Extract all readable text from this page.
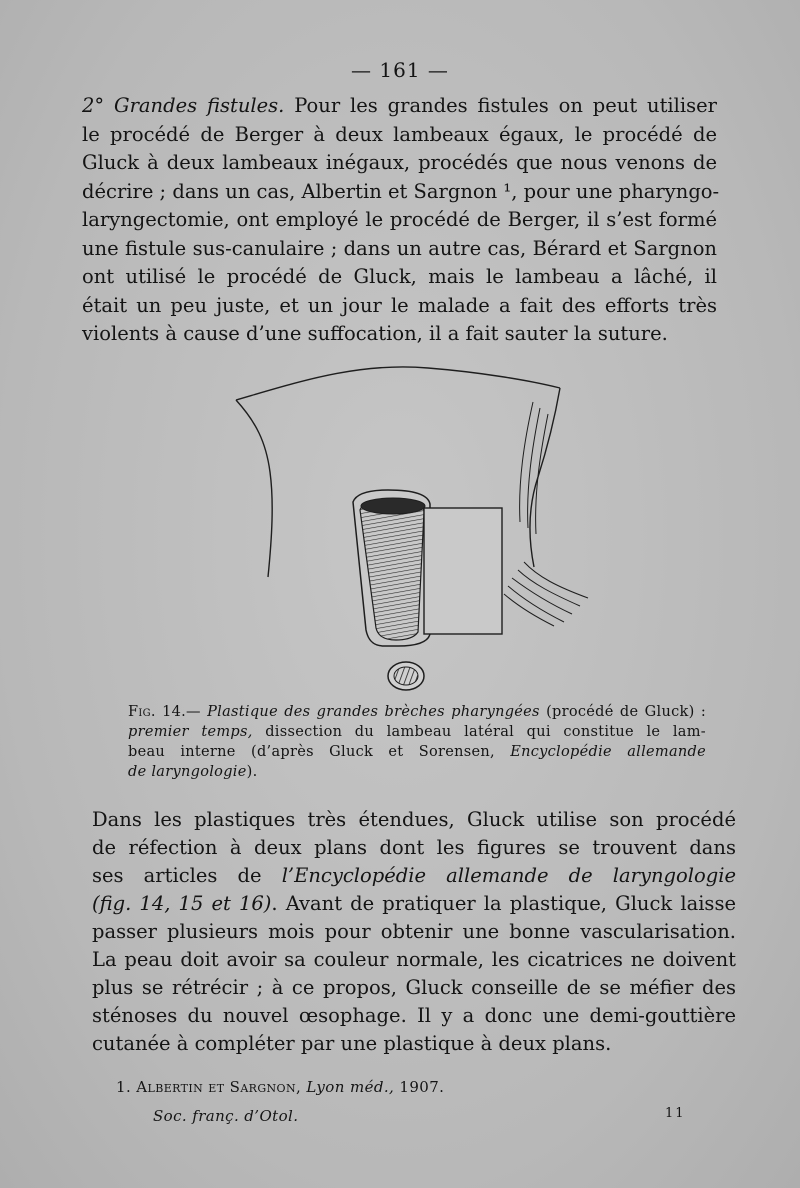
— 161 —
2° Grandes fistules. Pour les grandes fistules on peut utiliser
le procédé de Berger à deux lambeaux égaux, le procédé de
Gluck à deux lambeaux inégaux, procédés que nous venons de
décrire ; dans un cas, Albertin et Sargnon ¹, pour une pharyngo-
laryngectomie, ont employé le procédé de Berger, il s’est formé
une fistule sus-canulaire ; dans un autre cas, Bérard et Sargnon
ont utilisé le procédé de Gluck, mais le lambeau a lâché, il
était un peu juste, et un jour le malade a fait des efforts très
violents à cause d’une suffocation, il a fait sauter la suture.
Fig. 14.— Plastique des grandes brèches pharyngées (procédé de Gluck) :
premier temps, dissection du lambeau latéral qui constitue le lam-
beau interne (d’après Gluck et Sorensen, Encyclopédie allemande
de laryngologie).
Dans les plastiques très étendues, Gluck utilise son procédé
de réfection à deux plans dont les figures se trouvent dans
ses articles de l’Encyclopédie allemande de laryngologie
(fig. 14, 15 et 16). Avant de pratiquer la plastique, Gluck laisse
passer plusieurs mois pour obtenir une bonne vascularisation.
La peau doit avoir sa couleur normale, les cicatrices ne doivent
plus se rétrécir ; à ce propos, Gluck conseille de se méfier des
sténoses du nouvel œsophage. Il y a donc une demi-gouttière
cutanée à compléter par une plastique à deux plans.
1. Albertin et Sargnon, Lyon méd., 1907.
Soc. franç. d’Otol.	11
